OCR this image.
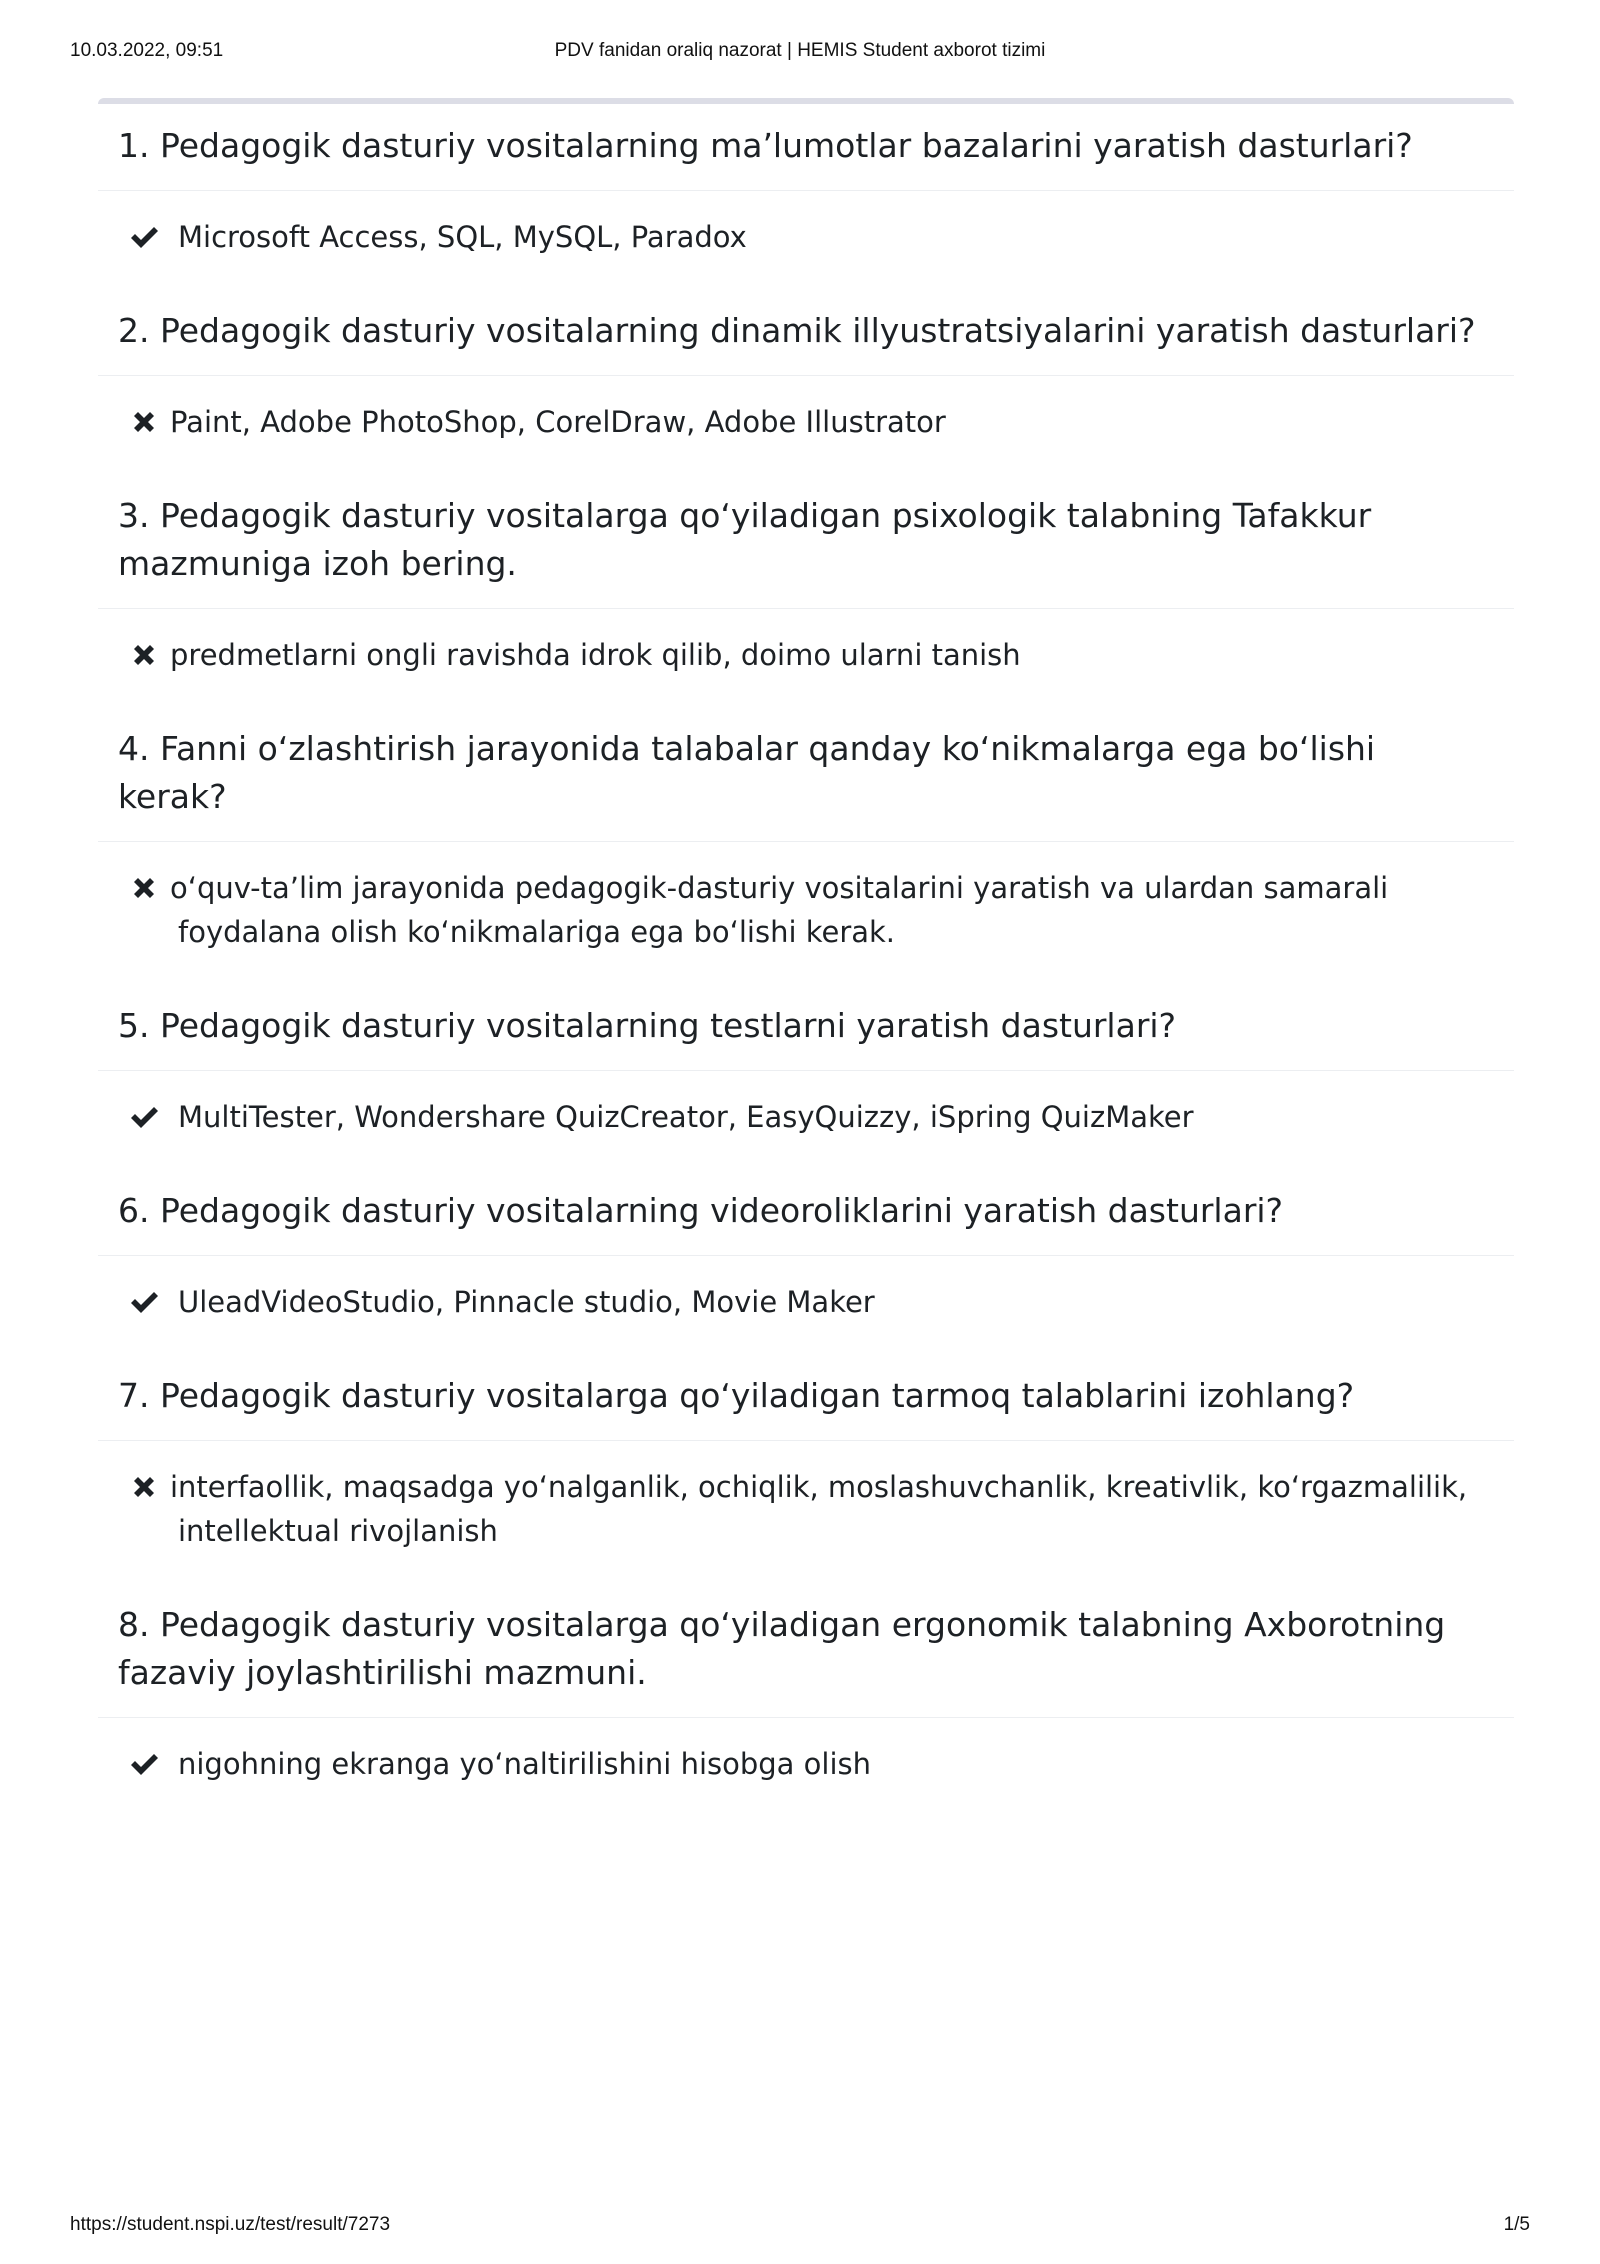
10.03.2022, 09:51	PDV fanidan oraliq nazorat | HEMIS Student axborot tizimi
1. Pedagogik dasturiy vositalarning ma’lumotlar bazalarini yaratish dasturlari?
Microsoft Access, SQL, MySQL, Paradox
2. Pedagogik dasturiy vositalarning dinamik illyustratsiyalarini yaratish dasturlari?
Paint, Adobe PhotoShop, CorelDraw, Adobe Illustrator
3. Pedagogik dasturiy vositalarga qo‘yiladigan psixologik talabning Tafakkur mazmuniga izoh bering.
predmetlarni ongli ravishda idrok qilib, doimo ularni tanish
4. Fanni o‘zlashtirish jarayonida talabalar qanday ko‘nikmalarga ega bo‘lishi kerak?
o‘quv-ta’lim jarayonida pedagogik-dasturiy vositalarini yaratish va ulardan samarali foydalana olish ko‘nikmalariga ega bo‘lishi kerak.
5. Pedagogik dasturiy vositalarning testlarni yaratish dasturlari?
MultiTester, Wondershare QuizCreator, EasyQuizzy, iSpring QuizMaker
6. Pedagogik dasturiy vositalarning videoroliklarini yaratish dasturlari?
UleadVideoStudio, Pinnacle studio, Movie Maker
7. Pedagogik dasturiy vositalarga qo‘yiladigan tarmoq talablarini izohlang?
interfaollik, maqsadga yo‘nalganlik, ochiqlik, moslashuvchanlik, kreativlik, ko‘rgazmalilik, intellektual rivojlanish
8. Pedagogik dasturiy vositalarga qo‘yiladigan ergonomik talabning Axborotning fazaviy joylashtirilishi mazmuni.
nigohning ekranga yo‘naltirilishini hisobga olish
https://student.nspi.uz/test/result/7273	1/5
